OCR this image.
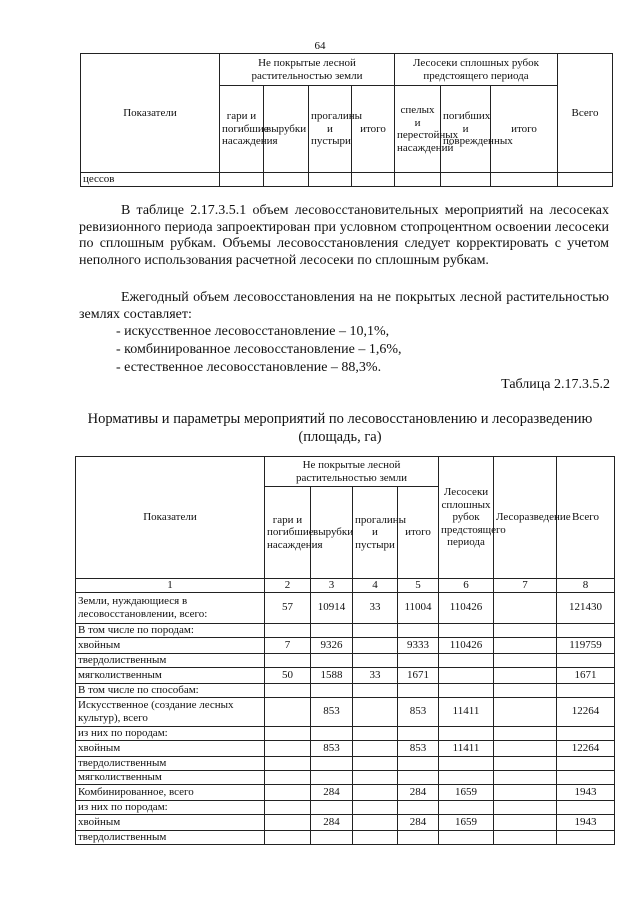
64
Показатели	Не покрытые лесной растительностью земли				Лесосеки сплошных рубок предстоящего периода			Всего
	гари и погибшие насаждения	вырубки	прогалины и пустыри	итого	спелых и перестойных насаждений	погибших и поврежденных	итого	
цессов								
В таблице 2.17.3.5.1 объем лесовосстановительных мероприятий на лесосеках ревизионного периода запроектирован при условном стопроцентном освоении лесосеки по сплошным рубкам. Объемы лесовосстановления следует корректировать с учетом неполного использования расчетной лесосеки по сплошным рубкам.
Ежегодный объем лесовосстановления на не покрытых лесной растительностью землях составляет:
- искусственное лесовосстановление – 10,1%,
- комбинированное лесовосстановление – 1,6%,
- естественное лесовосстановление – 88,3%.
Таблица 2.17.3.5.2
Нормативы и параметры мероприятий по лесовосстановлению и лесоразведению
(площадь, га)
Показатели	Не покрытые лесной растительностью земли				Лесосеки сплошных рубок предстоящего периода	Лесоразведение	Всего
	гари и погибшие насаждения	вырубки	прогалины и пустыри	итого			
1	2	3	4	5	6	7	8
Земли, нуждающиеся в лесовосстановлении, всего:	57	10914	33	11004	110426		121430
В том числе по породам:							
хвойным	7	9326		9333	110426		119759
твердолиственным							
мягколиственным	50	1588	33	1671			1671
В том числе по способам:							
Искусственное (создание лесных культур), всего		853		853	11411		12264
из них по породам:							
хвойным		853		853	11411		12264
твердолиственным							
мягколиственным							
Комбинированное, всего		284		284	1659		1943
из них по породам:							
хвойным		284		284	1659		1943
твердолиственным							
